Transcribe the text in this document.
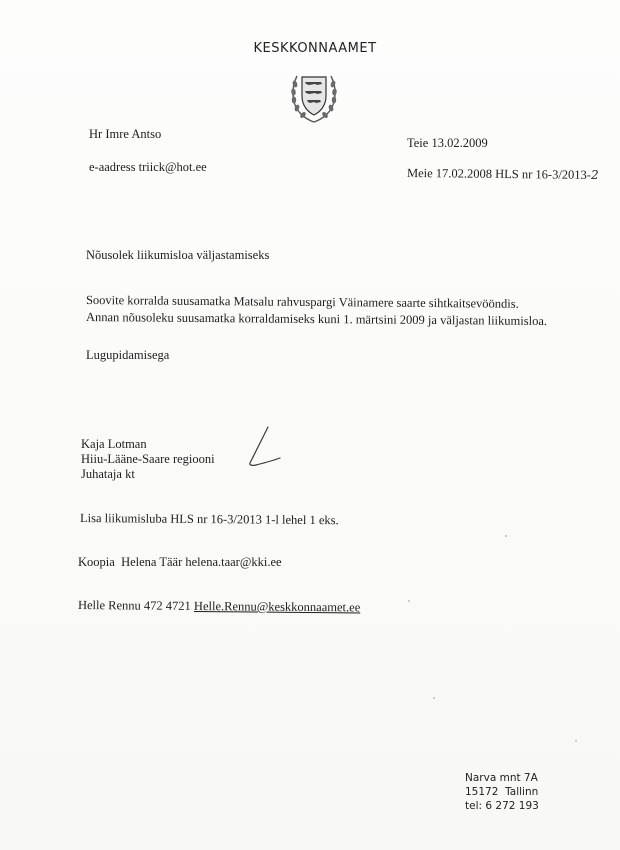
KESKKONNAAMET
Hr Imre Antso
e-aadress triick@hot.ee
Teie 13.02.2009
Meie 17.02.2008 HLS nr 16-3/2013-2
Nõusolek liikumisloa väljastamiseks
Soovite korralda suusamatka Matsalu rahvuspargi Väinamere saarte sihtkaitsevööndis.
Annan nõusoleku suusamatka korraldamiseks kuni 1. märtsini 2009 ja väljastan liikumisloa.
Lugupidamisega
Kaja Lotman
Hiiu-Lääne-Saare regiooni
Juhataja kt
Lisa liikumisluba HLS nr 16-3/2013 1-l lehel 1 eks.
Koopia Helena Täär helena.taar@kki.ee
Helle Rennu 472 4721 Helle.Rennu@keskkonnaamet.ee
Narva mnt 7A
15172  Tallinn
tel: 6 272 193
